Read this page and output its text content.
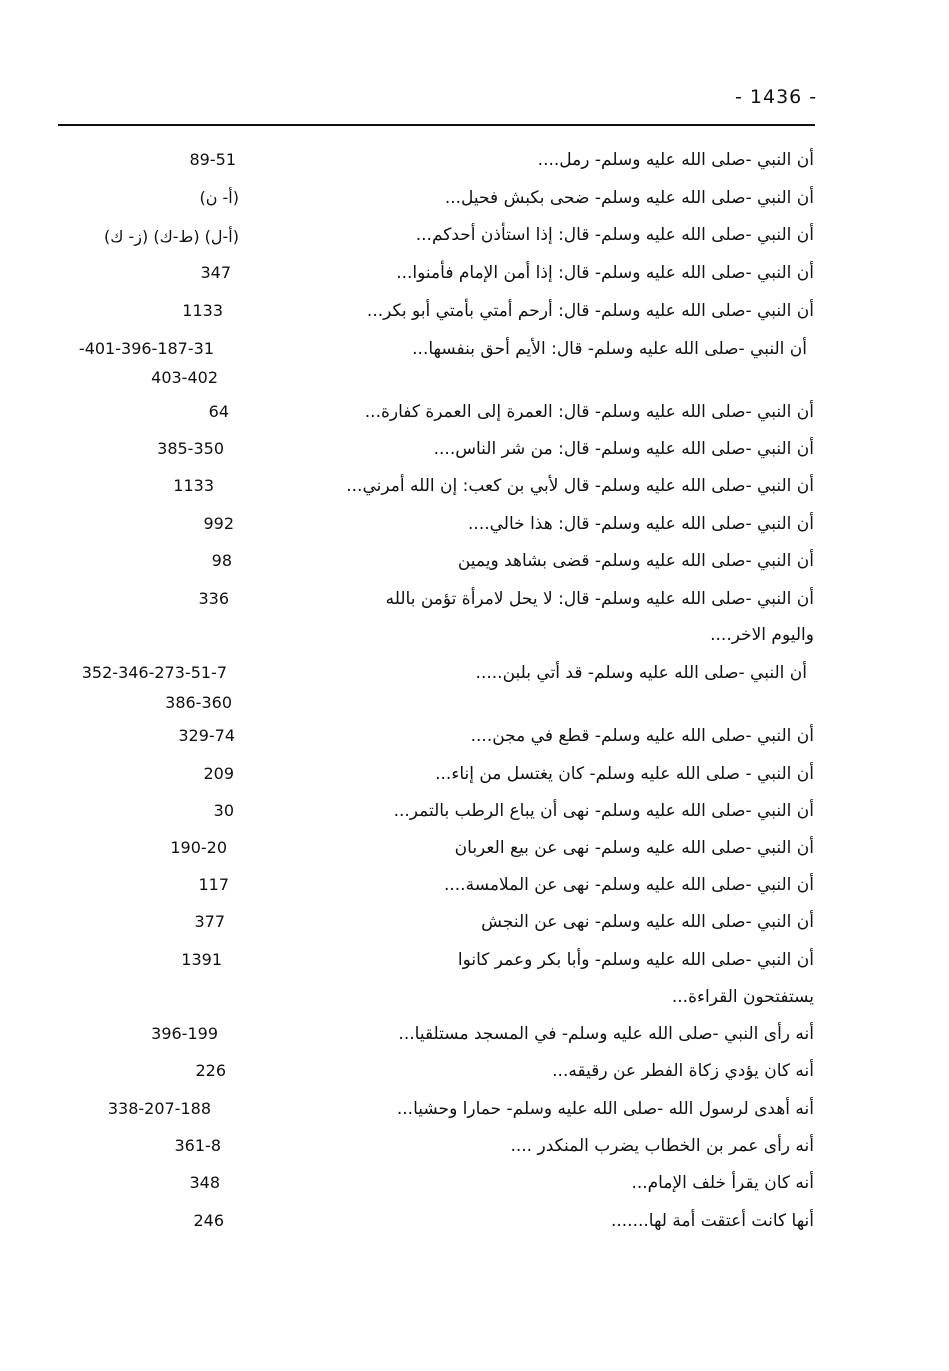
- 1436 -
أن النبي -صلى الله عليه وسلم- رمل....
89-51
أن النبي -صلى الله عليه وسلم- ضحى بكبش فحيل...
(أ- ن)
أن النبي -صلى الله عليه وسلم- قال: إذا استأذن أحدكم...
(ز- ك) (ط-ك) (أ-ل)
أن النبي -صلى الله عليه وسلم- قال: إذا أمن الإمام فأمنوا...
347
أن النبي -صلى الله عليه وسلم- قال: أرحم أمتي بأمتي أبو بكر...
1133
أن النبي -صلى الله عليه وسلم- قال: الأيم أحق بنفسها...
-401-396-187-31
403-402
أن النبي -صلى الله عليه وسلم- قال: العمرة إلى العمرة كفارة...
64
أن النبي -صلى الله عليه وسلم- قال: من شر الناس....
385-350
أن النبي -صلى الله عليه وسلم- قال لأبي بن كعب: إن الله أمرني...
1133
أن النبي -صلى الله عليه وسلم- قال: هذا خالي....
992
أن النبي -صلى الله عليه وسلم- قضى بشاهد ويمين
98
أن النبي -صلى الله عليه وسلم- قال: لا يحل لامرأة تؤمن بالله
واليوم الاخر....
336
أن النبي -صلى الله عليه وسلم- قد أتي بلبن.....
352-346-273-51-7
386-360
أن النبي -صلى الله عليه وسلم- قطع في مجن....
329-74
أن النبي - صلى الله عليه وسلم- كان يغتسل من إناء...
209
أن النبي -صلى الله عليه وسلم- نهى أن يباع الرطب بالتمر...
30
أن النبي -صلى الله عليه وسلم- نهى عن بيع العربان
190-20
أن النبي -صلى الله عليه وسلم- نهى عن الملامسة....
117
أن النبي -صلى الله عليه وسلم- نهى عن النجش
377
أن النبي -صلى الله عليه وسلم- وأبا بكر وعمر كانوا
يستفتحون القراءة...
1391
أنه رأى النبي -صلى الله عليه وسلم- في المسجد مستلقيا...
396-199
أنه كان يؤدي زكاة الفطر عن رقيقه...
226
أنه أهدى لرسول الله -صلى الله عليه وسلم- حمارا وحشيا...
338-207-188
أنه رأى عمر بن الخطاب يضرب المنكدر ....
361-8
أنه كان يقرأ خلف الإمام...
348
أنها كانت أعتقت أمة لها.......
246
